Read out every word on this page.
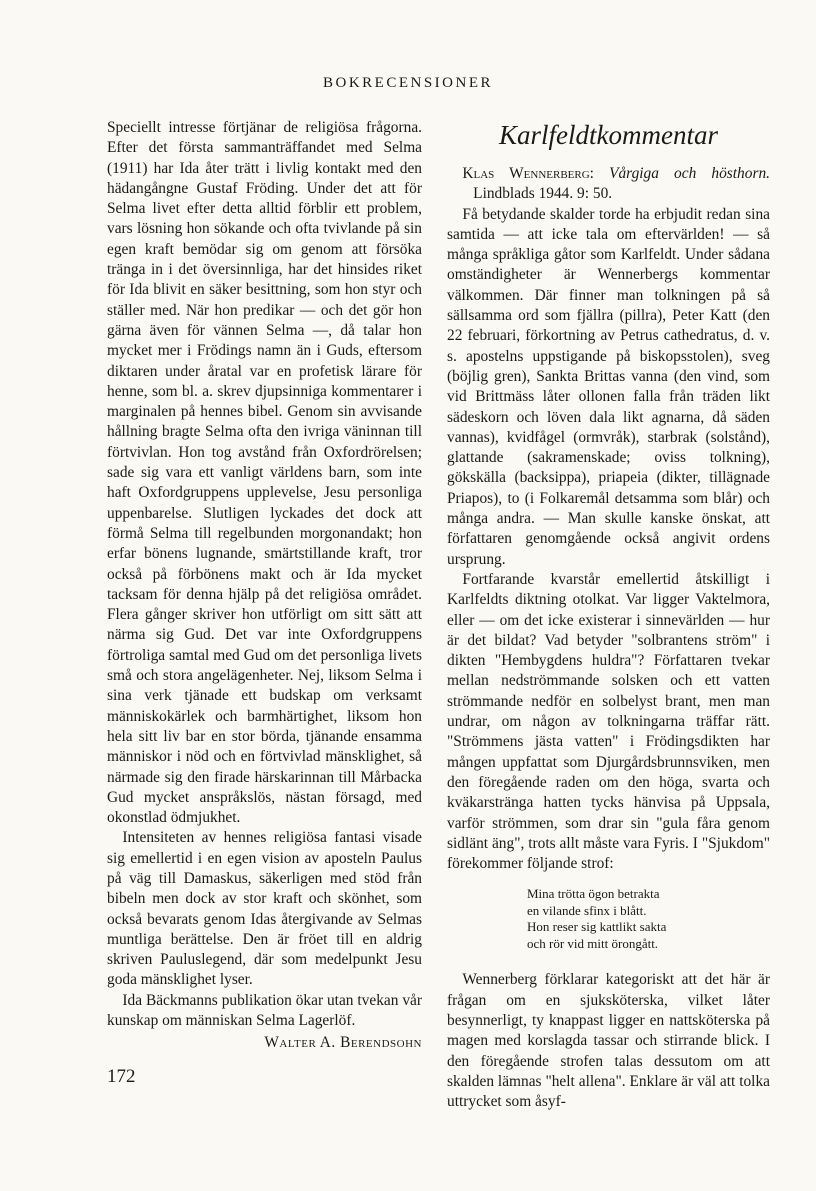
BOKRECENSIONER

Speciellt intresse förtjänar de religiösa frågorna. Efter det första sammanträffandet med Selma (1911) har Ida åter trätt i livlig kontakt med den hädangångne Gustaf Fröding. Under det att för Selma livet efter detta alltid förblir ett problem, vars lösning hon sökande och ofta tvivlande på sin egen kraft bemödar sig om genom att försöka tränga in i det översinnliga, har det hinsides riket för Ida blivit en säker besittning, som hon styr och ställer med. När hon predikar — och det gör hon gärna även för vännen Selma —, då talar hon mycket mer i Frödings namn än i Guds, eftersom diktaren under åratal var en profetisk lärare för henne, som bl. a. skrev djupsinniga kommentarer i marginalen på hennes bibel. Genom sin avvisande hållning bragte Selma ofta den ivriga väninnan till förtvivlan. Hon tog avstånd från Oxfordrörelsen; sade sig vara ett vanligt världens barn, som inte haft Oxfordgruppens upplevelse, Jesu personliga uppenbarelse. Slutligen lyckades det dock att förmå Selma till regelbunden morgonandakt; hon erfar bönens lugnande, smärtstillande kraft, tror också på förbönens makt och är Ida mycket tacksam för denna hjälp på det religiösa området. Flera gånger skriver hon utförligt om sitt sätt att närma sig Gud. Det var inte Oxfordgruppens förtroliga samtal med Gud om det personliga livets små och stora angelägenheter. Nej, liksom Selma i sina verk tjänade ett budskap om verksamt människokärlek och barmhärtighet, liksom hon hela sitt liv bar en stor börda, tjänande ensamma människor i nöd och en förtvivlad mänsklighet, så närmade sig den firade härskarinnan till Mårbacka Gud mycket anspråkslös, nästan försagd, med okonstlad ödmjukhet.

Intensiteten av hennes religiösa fantasi visade sig emellertid i en egen vision av aposteln Paulus på väg till Damaskus, säkerligen med stöd från bibeln men dock av stor kraft och skönhet, som också bevarats genom Idas återgivande av Selmas muntliga berättelse. Den är fröet till en aldrig skriven Pauluslegend, där som medelpunkt Jesu goda mänsklighet lyser.

Ida Bäckmanns publikation ökar utan tvekan vår kunskap om människan Selma Lagerlöf.

Walter A. Berendsohn
Karlfeldtkommentar

Klas Wennerberg: Vårgiga och hösthorn. Lindblads 1944. 9: 50.

Få betydande skalder torde ha erbjudit redan sina samtida — att icke tala om eftervärlden! — så många språkliga gåtor som Karlfeldt. Under sådana omständigheter är Wennerbergs kommentar välkommen. Där finner man tolkningen på så sällsamma ord som fjällra (pillra), Peter Katt (den 22 februari, förkortning av Petrus cathedratus, d. v. s. apostelns uppstigande på biskopsstolen), sveg (böjlig gren), Sankta Brittas vanna (den vind, som vid Brittmäss låter ollonen falla från träden likt sädeskorn och löven dala likt agnarna, då säden vannas), kvidfågel (ormvråk), starbrak (solstånd), glattande (sakramenskade; oviss tolkning), gökskälla (backsippa), priapeia (dikter, tillägnade Priapos), to (i Folkaremål detsamma som blår) och många andra. — Man skulle kanske önskat, att författaren genomgående också angivit ordens ursprung.

Fortfarande kvarstår emellertid åtskilligt i Karlfeldts diktning otolkat. Var ligger Vaktelmora, eller — om det icke existerar i sinnevärlden — hur är det bildat? Vad betyder "solbrantens ström" i dikten "Hembygdens huldra"? Författaren tvekar mellan nedströmmande solsken och ett vatten strömmande nedför en solbelyst brant, men man undrar, om någon av tolkningarna träffar rätt. "Strömmens jästa vatten" i Frödingsdikten har mången uppfattat som Djurgårdsbrunnsviken, men den föregående raden om den höga, svarta och kväkarstränga hatten tycks hänvisa på Uppsala, varför strömmen, som drar sin "gula fåra genom sidlänt äng", trots allt måste vara Fyris. I "Sjukdom" förekommer följande strof:

Mina trötta ögon betrakta
en vilande sfinx i blått.
Hon reser sig kattlikt sakta
och rör vid mitt örongått.

Wennerberg förklarar kategoriskt att det här är frågan om en sjuksköterska, vilket låter besynnerligt, ty knappast ligger en nattsköterska på magen med korslagda tassar och stirrande blick. I den föregående strofen talas dessutom om att skalden lämnas "helt allena". Enklare är väl att tolka uttrycket som åsyf-

172
